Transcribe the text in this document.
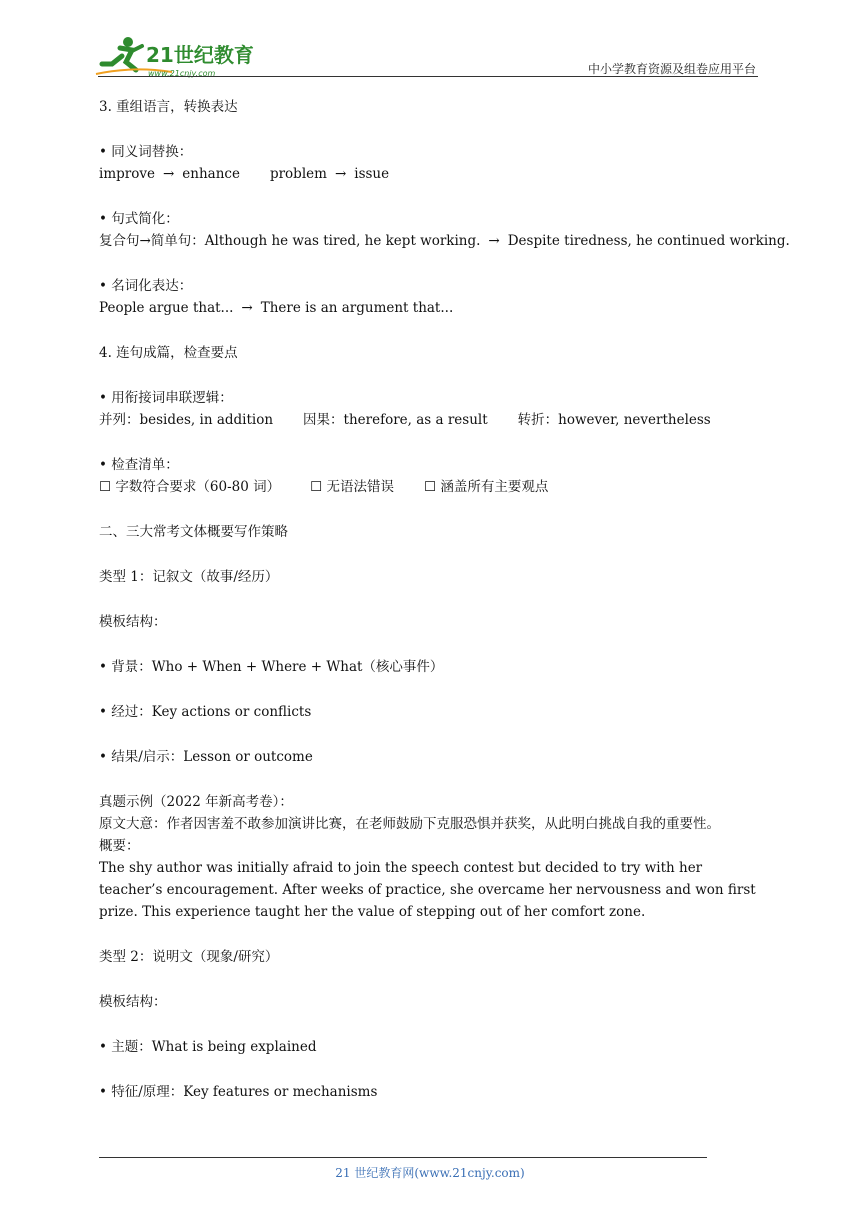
21世纪教育
www.21cnjy.com	中小学教育资源及组卷应用平台

3. 重组语言，转换表达

• 同义词替换：

improve → enhance problem → issue

• 句式简化：

复合句→简单句：Although he was tired, he kept working. → Despite tiredness, he continued working.

• 名词化表达：

People argue that... → There is an argument that...

4. 连句成篇，检查要点

• 用衔接词串联逻辑：

并列：besides, in addition 因果：therefore, as a result 转折：however, nevertheless

• 检查清单：

☐ 字数符合要求（60-80 词） ☐ 无语法错误 ☐ 涵盖所有主要观点

二、三大常考文体概要写作策略

类型 1：记叙文（故事/经历）

模板结构：

• 背景：Who + When + Where + What（核心事件）

• 经过：Key actions or conflicts

• 结果/启示：Lesson or outcome

真题示例（2022 年新高考卷）：

原文大意：作者因害羞不敢参加演讲比赛，在老师鼓励下克服恐惧并获奖，从此明白挑战自我的重要性。

概要：

The shy author was initially afraid to join the speech contest but decided to try with her teacher’s encouragement. After weeks of practice, she overcame her nervousness and won first prize. This experience taught her the value of stepping out of her comfort zone.

类型 2：说明文（现象/研究）

模板结构：

• 主题：What is being explained

• 特征/原理：Key features or mechanisms

21 世纪教育网(www.21cnjy.com)
